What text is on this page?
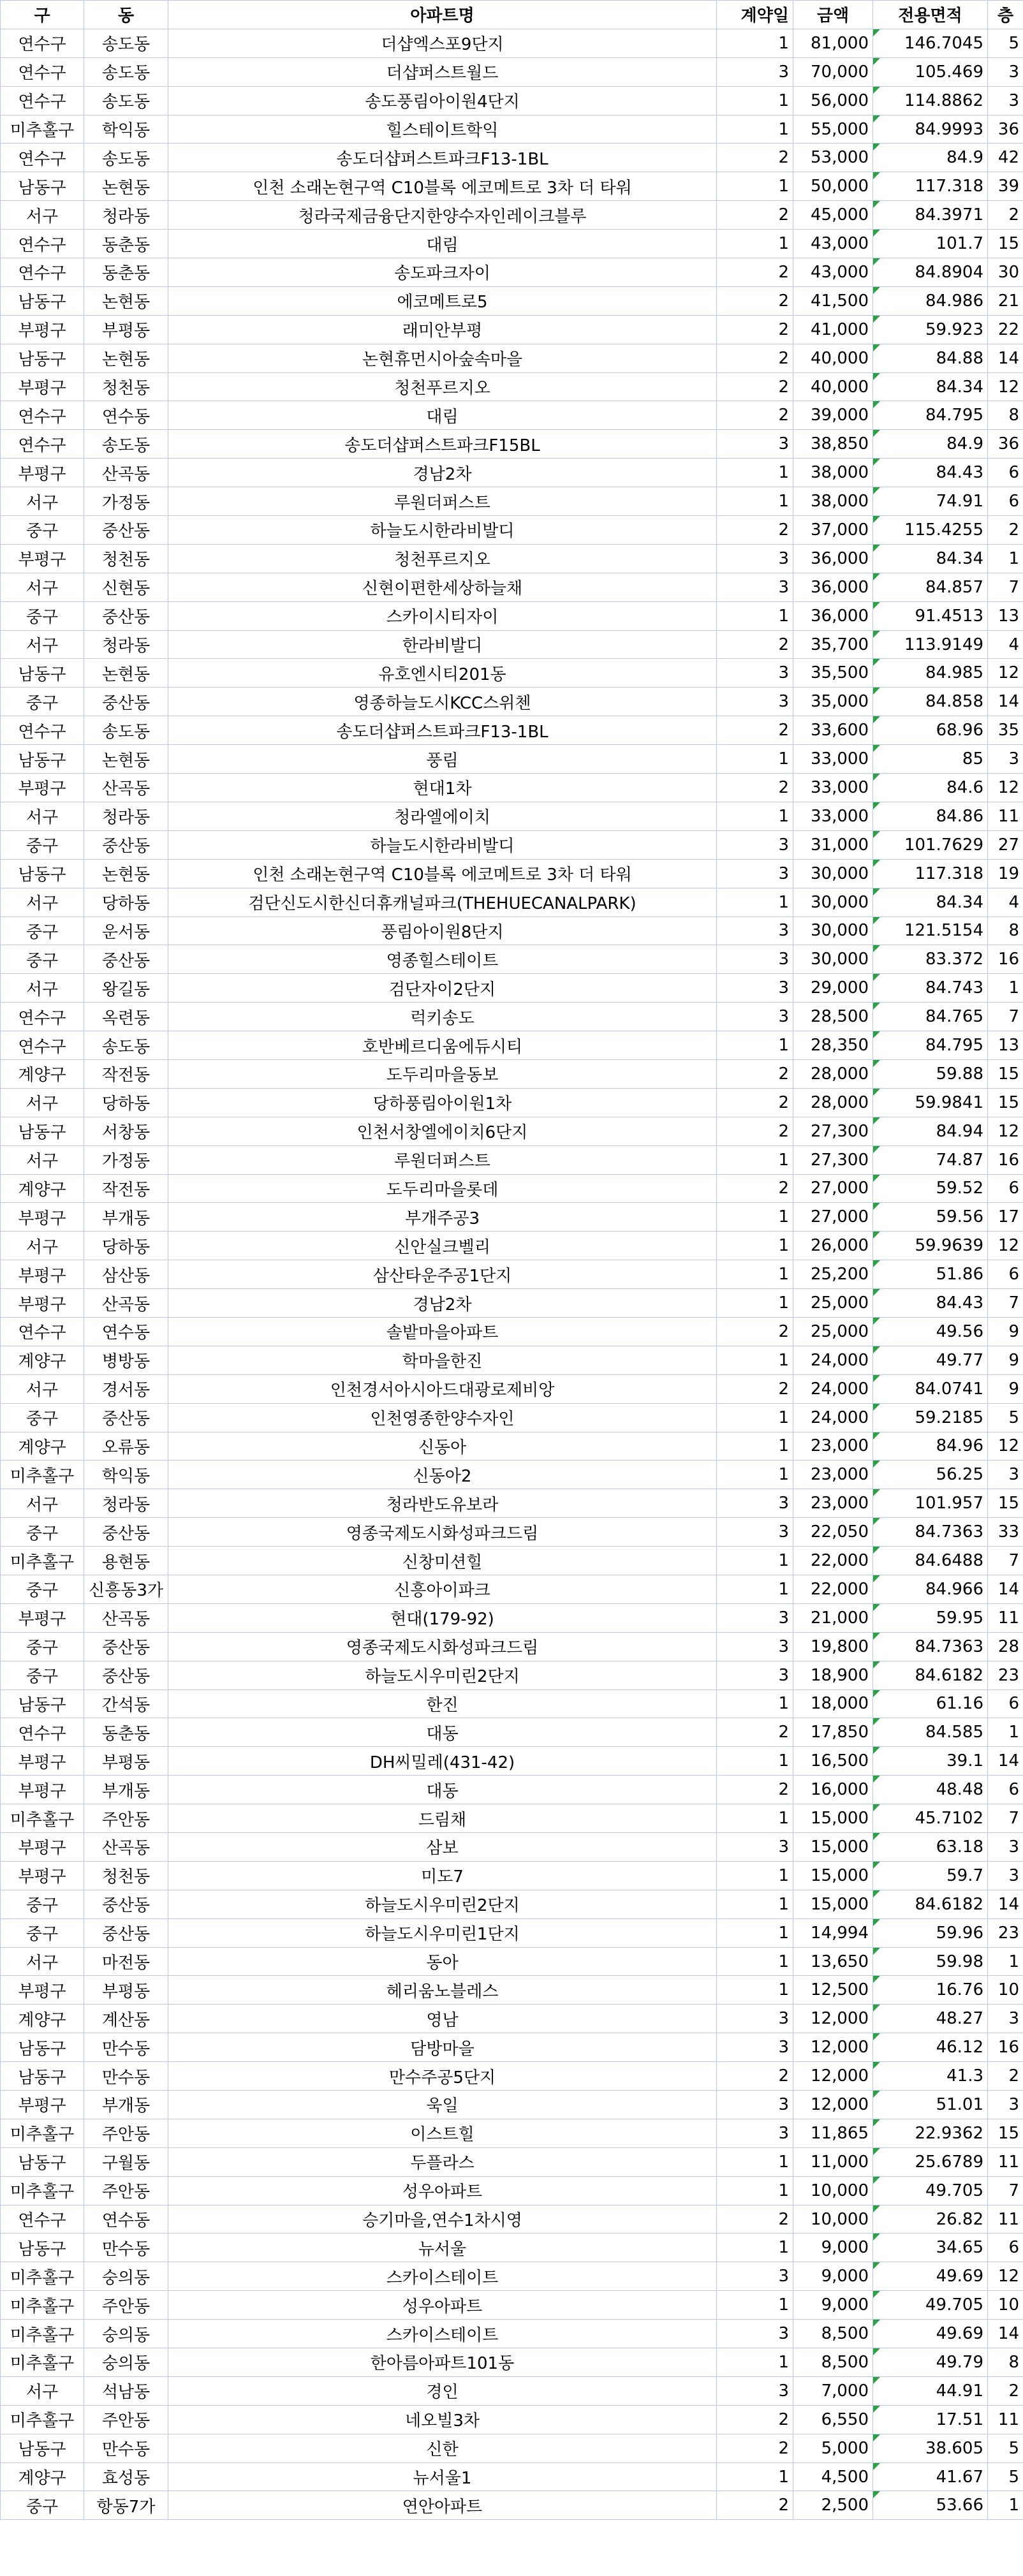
구	동	아파트명	계약일	금액	전용면적	층
연수구	송도동	더샵엑스포9단지	1	81,000	146.7045	5
연수구	송도동	더샵퍼스트월드	3	70,000	105.469	3
연수구	송도동	송도풍림아이원4단지	1	56,000	114.8862	3
미추홀구	학익동	힐스테이트학익	1	55,000	84.9993	36
연수구	송도동	송도더샵퍼스트파크F13-1BL	2	53,000	84.9	42
남동구	논현동	인천 소래논현구역 C10블록 에코메트로 3차 더 타워	1	50,000	117.318	39
서구	청라동	청라국제금융단지한양수자인레이크블루	2	45,000	84.3971	2
연수구	동춘동	대림	1	43,000	101.7	15
연수구	동춘동	송도파크자이	2	43,000	84.8904	30
남동구	논현동	에코메트로5	2	41,500	84.986	21
부평구	부평동	래미안부평	2	41,000	59.923	22
남동구	논현동	논현휴먼시아숲속마을	2	40,000	84.88	14
부평구	청천동	청천푸르지오	2	40,000	84.34	12
연수구	연수동	대림	2	39,000	84.795	8
연수구	송도동	송도더샵퍼스트파크F15BL	3	38,850	84.9	36
부평구	산곡동	경남2차	1	38,000	84.43	6
서구	가정동	루원더퍼스트	1	38,000	74.91	6
중구	중산동	하늘도시한라비발디	2	37,000	115.4255	2
부평구	청천동	청천푸르지오	3	36,000	84.34	1
서구	신현동	신현이편한세상하늘채	3	36,000	84.857	7
중구	중산동	스카이시티자이	1	36,000	91.4513	13
서구	청라동	한라비발디	2	35,700	113.9149	4
남동구	논현동	유호엔시티201동	3	35,500	84.985	12
중구	중산동	영종하늘도시KCC스위첸	3	35,000	84.858	14
연수구	송도동	송도더샵퍼스트파크F13-1BL	2	33,600	68.96	35
남동구	논현동	풍림	1	33,000	85	3
부평구	산곡동	현대1차	2	33,000	84.6	12
서구	청라동	청라엘에이치	1	33,000	84.86	11
중구	중산동	하늘도시한라비발디	3	31,000	101.7629	27
남동구	논현동	인천 소래논현구역 C10블록 에코메트로 3차 더 타워	3	30,000	117.318	19
서구	당하동	검단신도시한신더휴캐널파크(THEHUECANALPARK)	1	30,000	84.34	4
중구	운서동	풍림아이원8단지	3	30,000	121.5154	8
중구	중산동	영종힐스테이트	3	30,000	83.372	16
서구	왕길동	검단자이2단지	3	29,000	84.743	1
연수구	옥련동	럭키송도	3	28,500	84.765	7
연수구	송도동	호반베르디움에듀시티	1	28,350	84.795	13
계양구	작전동	도두리마을동보	2	28,000	59.88	15
서구	당하동	당하풍림아이원1차	2	28,000	59.9841	15
남동구	서창동	인천서창엘에이치6단지	2	27,300	84.94	12
서구	가정동	루원더퍼스트	1	27,300	74.87	16
계양구	작전동	도두리마을롯데	2	27,000	59.52	6
부평구	부개동	부개주공3	1	27,000	59.56	17
서구	당하동	신안실크벨리	1	26,000	59.9639	12
부평구	삼산동	삼산타운주공1단지	1	25,200	51.86	6
부평구	산곡동	경남2차	1	25,000	84.43	7
연수구	연수동	솔밭마을아파트	2	25,000	49.56	9
계양구	병방동	학마을한진	1	24,000	49.77	9
서구	경서동	인천경서아시아드대광로제비앙	2	24,000	84.0741	9
중구	중산동	인천영종한양수자인	1	24,000	59.2185	5
계양구	오류동	신동아	1	23,000	84.96	12
미추홀구	학익동	신동아2	1	23,000	56.25	3
서구	청라동	청라반도유보라	3	23,000	101.957	15
중구	중산동	영종국제도시화성파크드림	3	22,050	84.7363	33
미추홀구	용현동	신창미션힐	1	22,000	84.6488	7
중구	신흥동3가	신흥아이파크	1	22,000	84.966	14
부평구	산곡동	현대(179-92)	3	21,000	59.95	11
중구	중산동	영종국제도시화성파크드림	3	19,800	84.7363	28
중구	중산동	하늘도시우미린2단지	3	18,900	84.6182	23
남동구	간석동	한진	1	18,000	61.16	6
연수구	동춘동	대동	2	17,850	84.585	1
부평구	부평동	DH씨밀레(431-42)	1	16,500	39.1	14
부평구	부개동	대동	2	16,000	48.48	6
미추홀구	주안동	드림채	1	15,000	45.7102	7
부평구	산곡동	삼보	3	15,000	63.18	3
부평구	청천동	미도7	1	15,000	59.7	3
중구	중산동	하늘도시우미린2단지	1	15,000	84.6182	14
중구	중산동	하늘도시우미린1단지	1	14,994	59.96	23
서구	마전동	동아	1	13,650	59.98	1
부평구	부평동	헤리움노블레스	1	12,500	16.76	10
계양구	계산동	영남	3	12,000	48.27	3
남동구	만수동	담방마을	3	12,000	46.12	16
남동구	만수동	만수주공5단지	2	12,000	41.3	2
부평구	부개동	욱일	3	12,000	51.01	3
미추홀구	주안동	이스트힐	3	11,865	22.9362	15
남동구	구월동	두플라스	1	11,000	25.6789	11
미추홀구	주안동	성우아파트	1	10,000	49.705	7
연수구	연수동	승기마을,연수1차시영	2	10,000	26.82	11
남동구	만수동	뉴서울	1	9,000	34.65	6
미추홀구	숭의동	스카이스테이트	3	9,000	49.69	12
미추홀구	주안동	성우아파트	1	9,000	49.705	10
미추홀구	숭의동	스카이스테이트	3	8,500	49.69	14
미추홀구	숭의동	한아름아파트101동	1	8,500	49.79	8
서구	석남동	경인	3	7,000	44.91	2
미추홀구	주안동	네오빌3차	2	6,550	17.51	11
남동구	만수동	신한	2	5,000	38.605	5
계양구	효성동	뉴서울1	1	4,500	41.67	5
중구	항동7가	연안아파트	2	2,500	53.66	1
